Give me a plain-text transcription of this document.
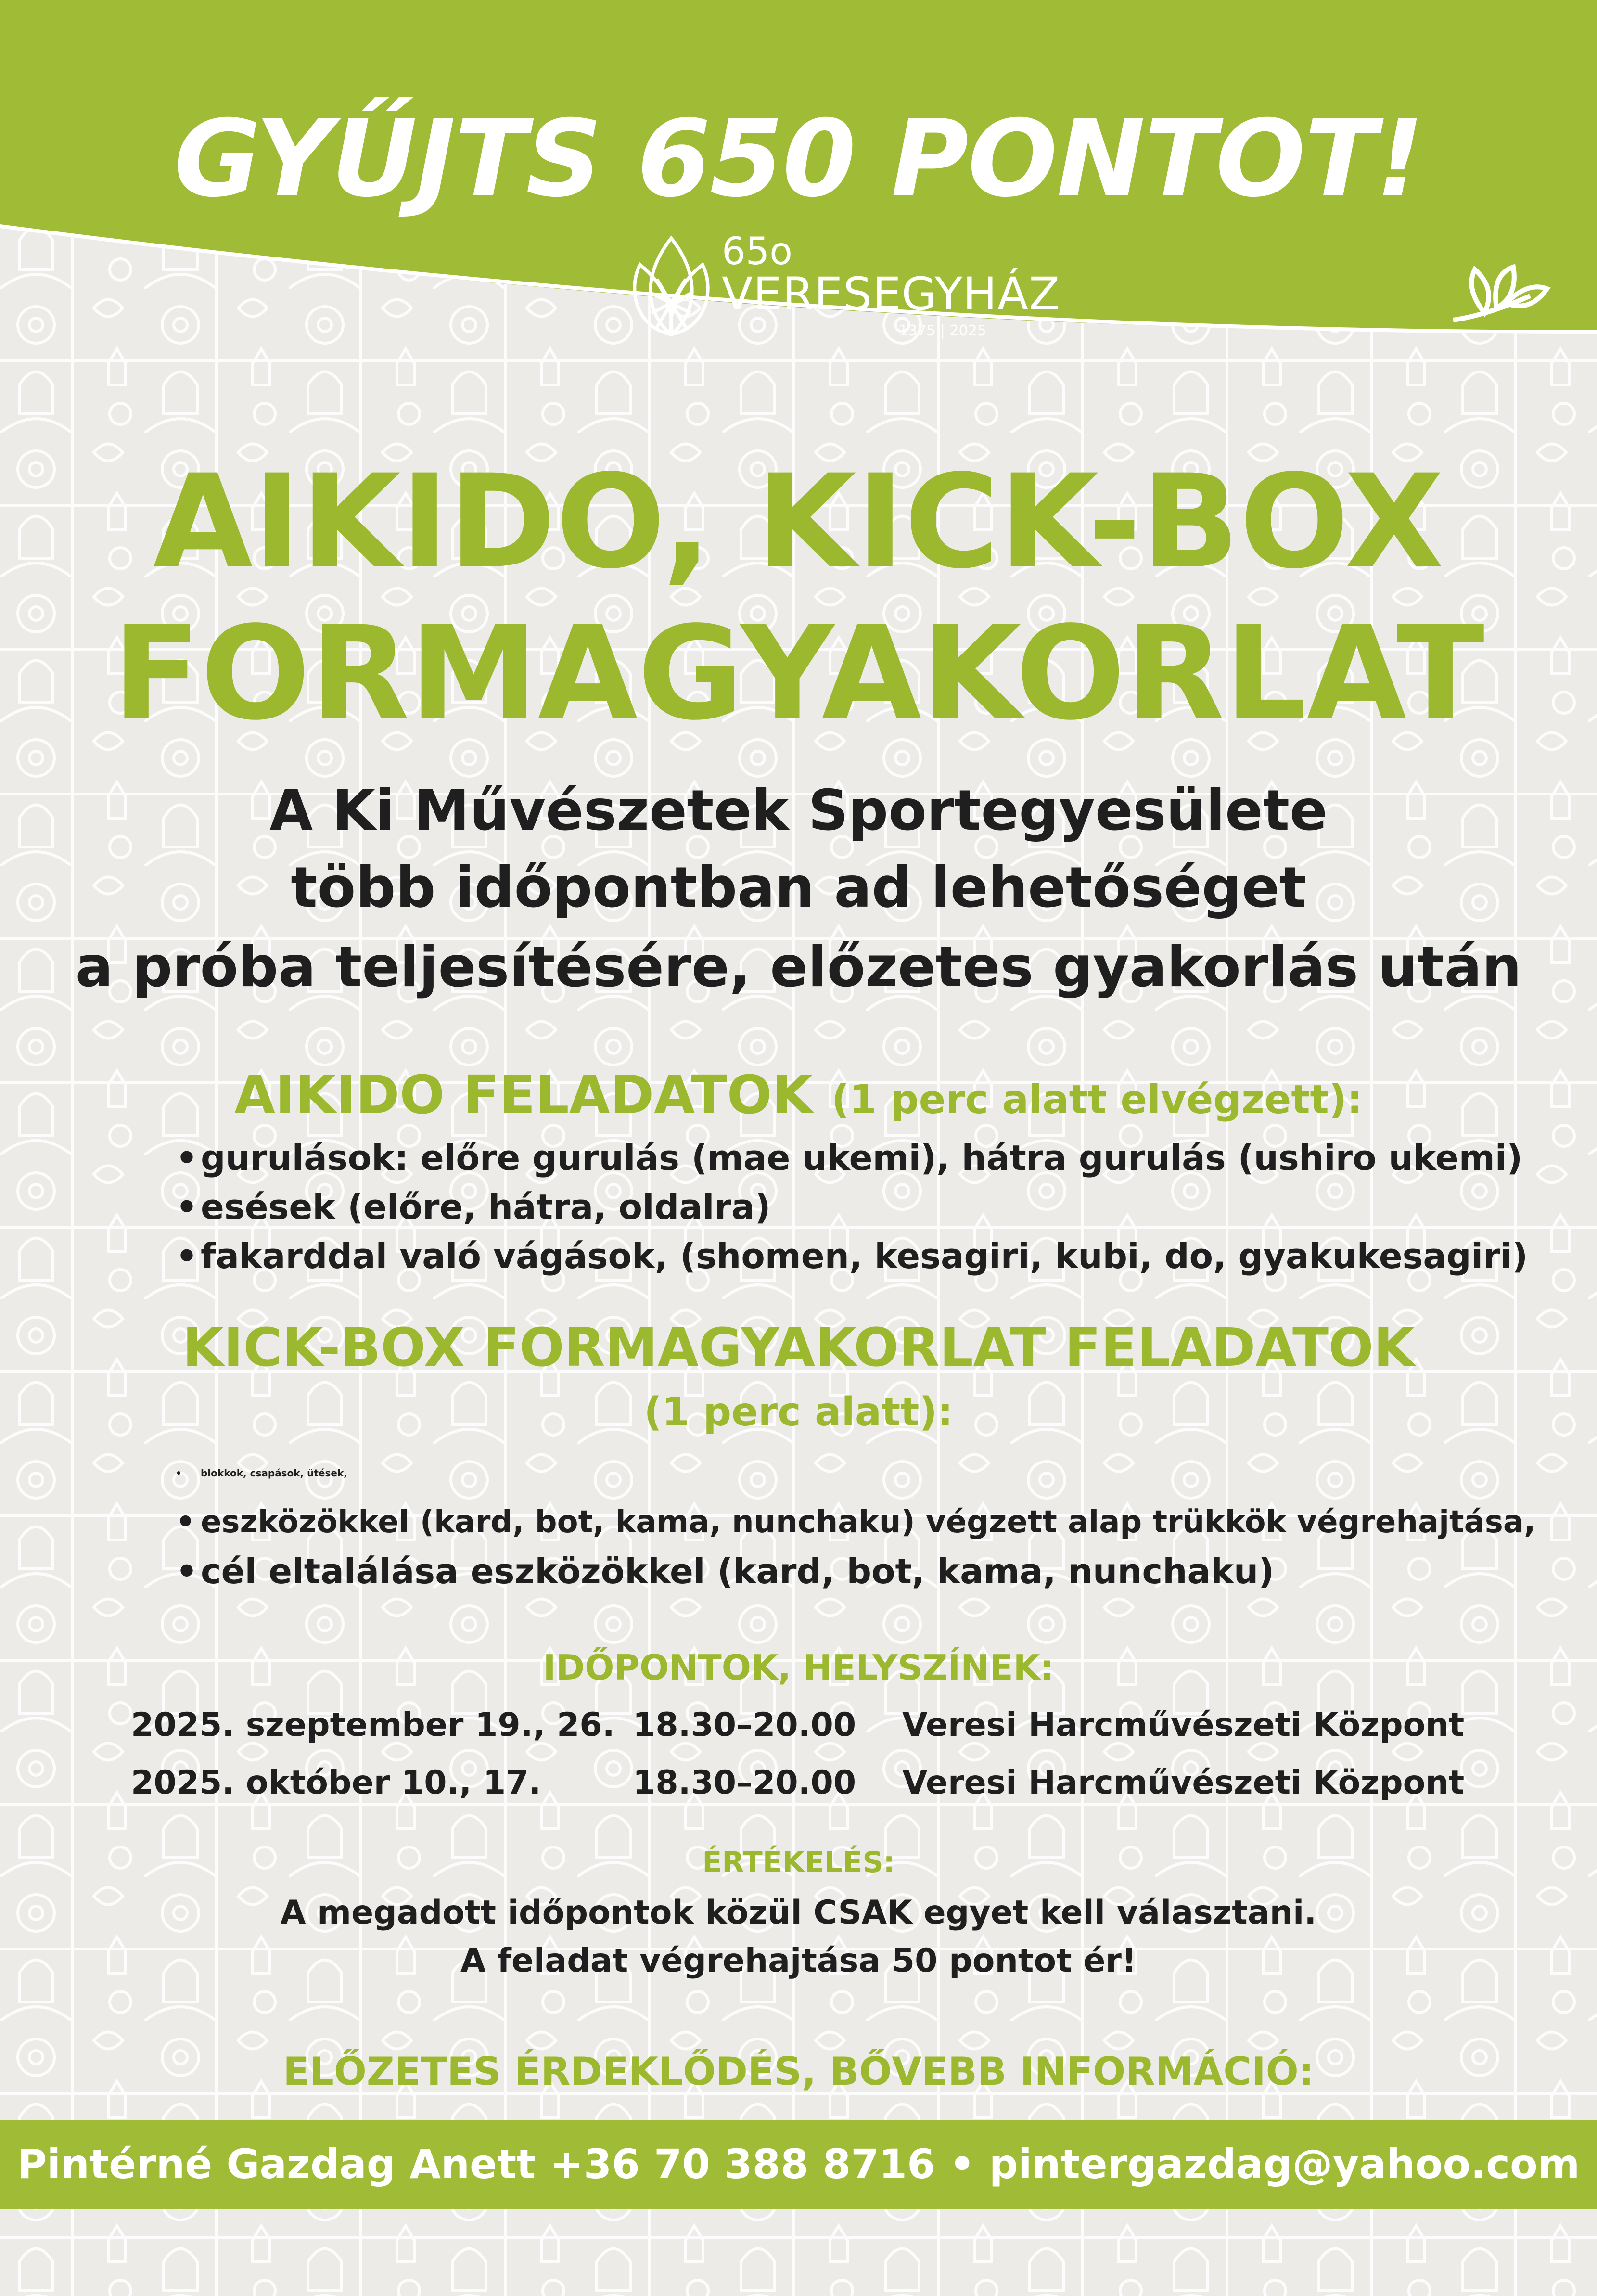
GYŰJTS 650 PONTOT!
65o
VERESEGYHÁZ
1375 | 2025
AIKIDO, KICK-BOX
FORMAGYAKORLAT
A Ki Művészetek Sportegyesülete
több időpontban ad lehetőséget
a próba teljesítésére, előzetes gyakorlás után
AIKIDO FELADATOK (1 perc alatt elvégzett):
•gurulások: előre gurulás (mae ukemi), hátra gurulás (ushiro ukemi)
•esések (előre, hátra, oldalra)
•fakarddal való vágások, (shomen, kesagiri, kubi, do, gyakukesagiri)
KICK-BOX FORMAGYAKORLAT FELADATOK
(1 perc alatt):
• blokkok, csapások, ütések,
• eszközökkel (kard, bot, kama, nunchaku) végzett alap trükkök végrehajtása,
•cél eltalálása eszközökkel (kard, bot, kama, nunchaku)
IDŐPONTOK, HELYSZÍNEK:
2025. szeptember 19., 26. 18.30–20.00 Veresi Harcművészeti Központ
2025. október 10., 17.	18.30–20.00 Veresi Harcművészeti Központ
ÉRTÉKELÉS:
A megadott időpontok közül CSAK egyet kell választani.
A feladat végrehajtása 50 pontot ér!
ELŐZETES ÉRDEKLŐDÉS, BŐVEBB INFORMÁCIÓ:
Pintérné Gazdag Anett +36 70 388 8716 • pintergazdag@yahoo.com
